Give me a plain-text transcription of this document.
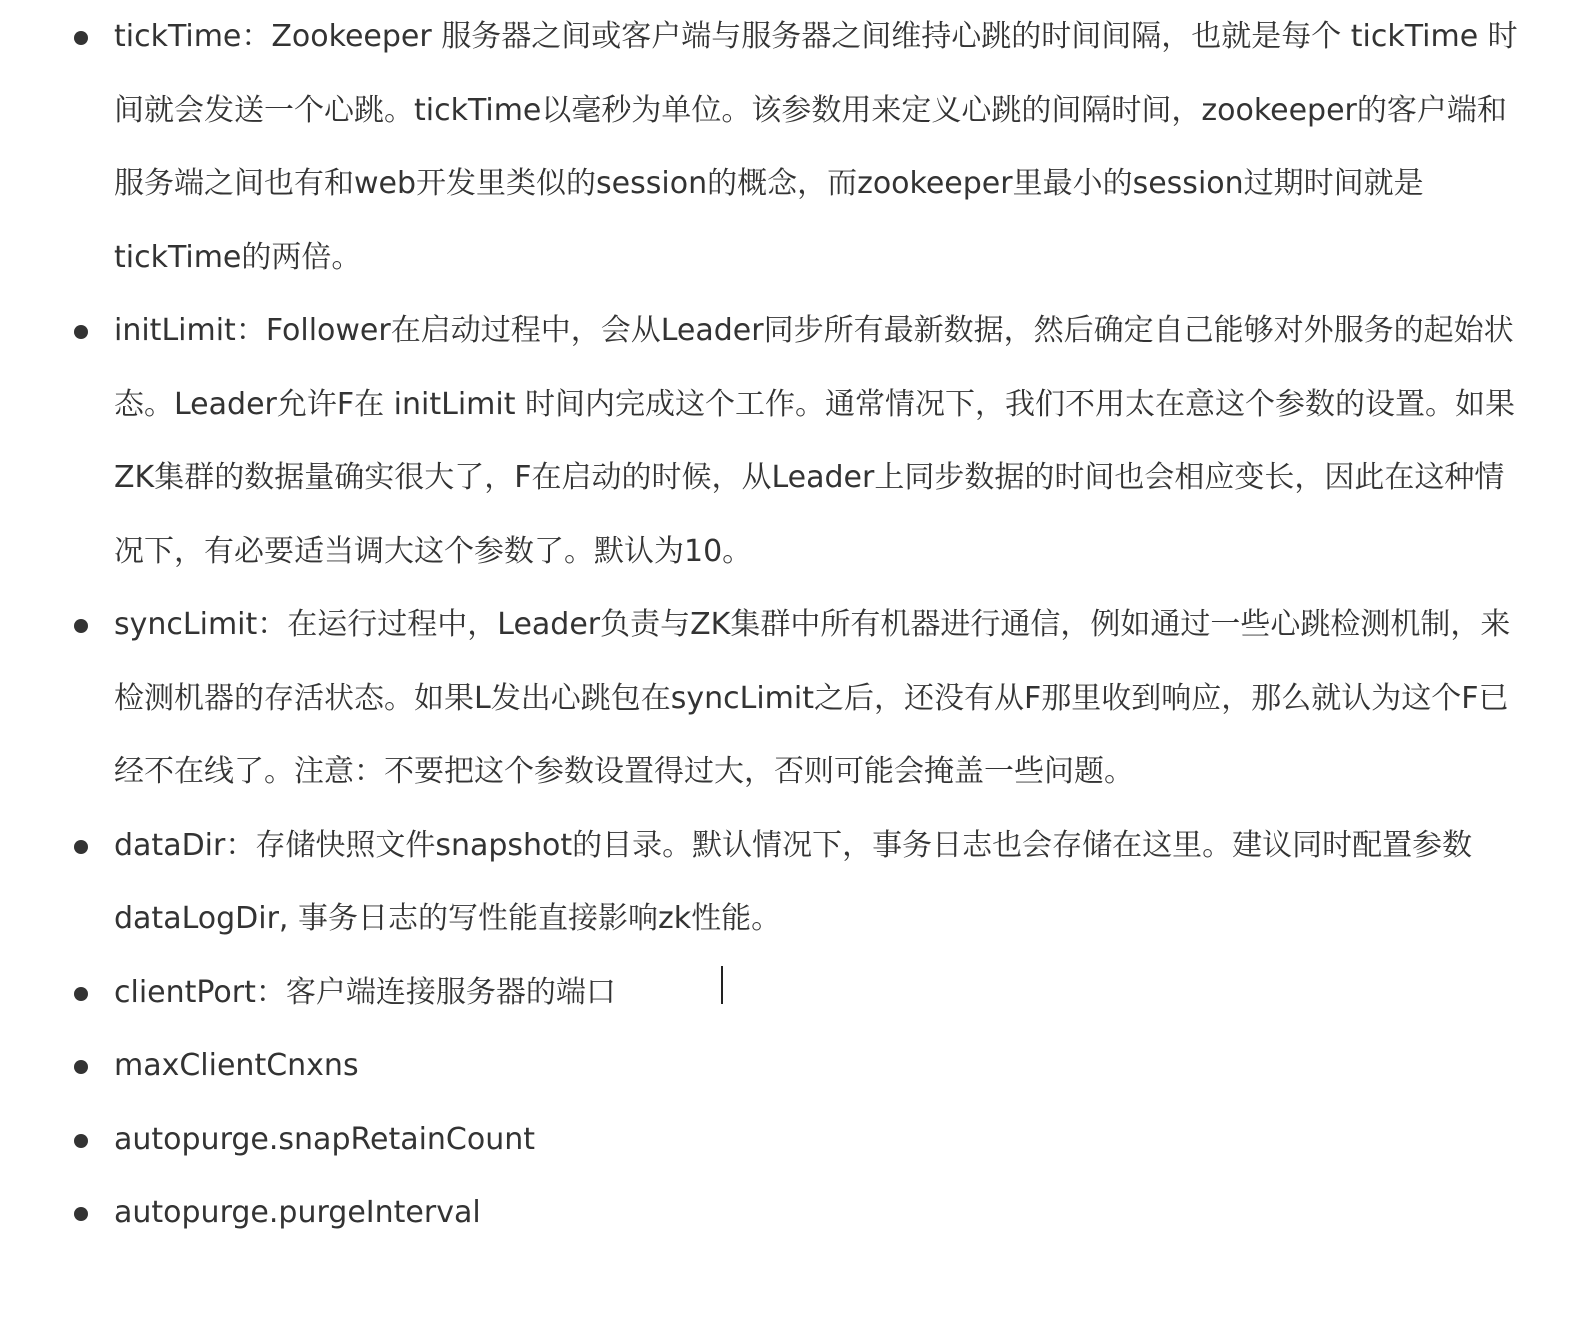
tickTime：Zookeeper 服务器之间或客户端与服务器之间维持心跳的时间间隔，也就是每个 tickTime 时间就会发送一个心跳。tickTime以毫秒为单位。该参数用来定义心跳的间隔时间，zookeeper的客户端和服务端之间也有和web开发里类似的session的概念，而zookeeper里最小的session过期时间就是tickTime的两倍。
initLimit：Follower在启动过程中，会从Leader同步所有最新数据，然后确定自己能够对外服务的起始状态。Leader允许F在 initLimit 时间内完成这个工作。通常情况下，我们不用太在意这个参数的设置。如果ZK集群的数据量确实很大了，F在启动的时候，从Leader上同步数据的时间也会相应变长，因此在这种情况下，有必要适当调大这个参数了。默认为10。
syncLimit：在运行过程中，Leader负责与ZK集群中所有机器进行通信，例如通过一些心跳检测机制，来检测机器的存活状态。如果L发出心跳包在syncLimit之后，还没有从F那里收到响应，那么就认为这个F已经不在线了。注意：不要把这个参数设置得过大，否则可能会掩盖一些问题。
dataDir：存储快照文件snapshot的目录。默认情况下，事务日志也会存储在这里。建议同时配置参数dataLogDir, 事务日志的写性能直接影响zk性能。
clientPort：客户端连接服务器的端口
maxClientCnxns
autopurge.snapRetainCount
autopurge.purgeInterval
